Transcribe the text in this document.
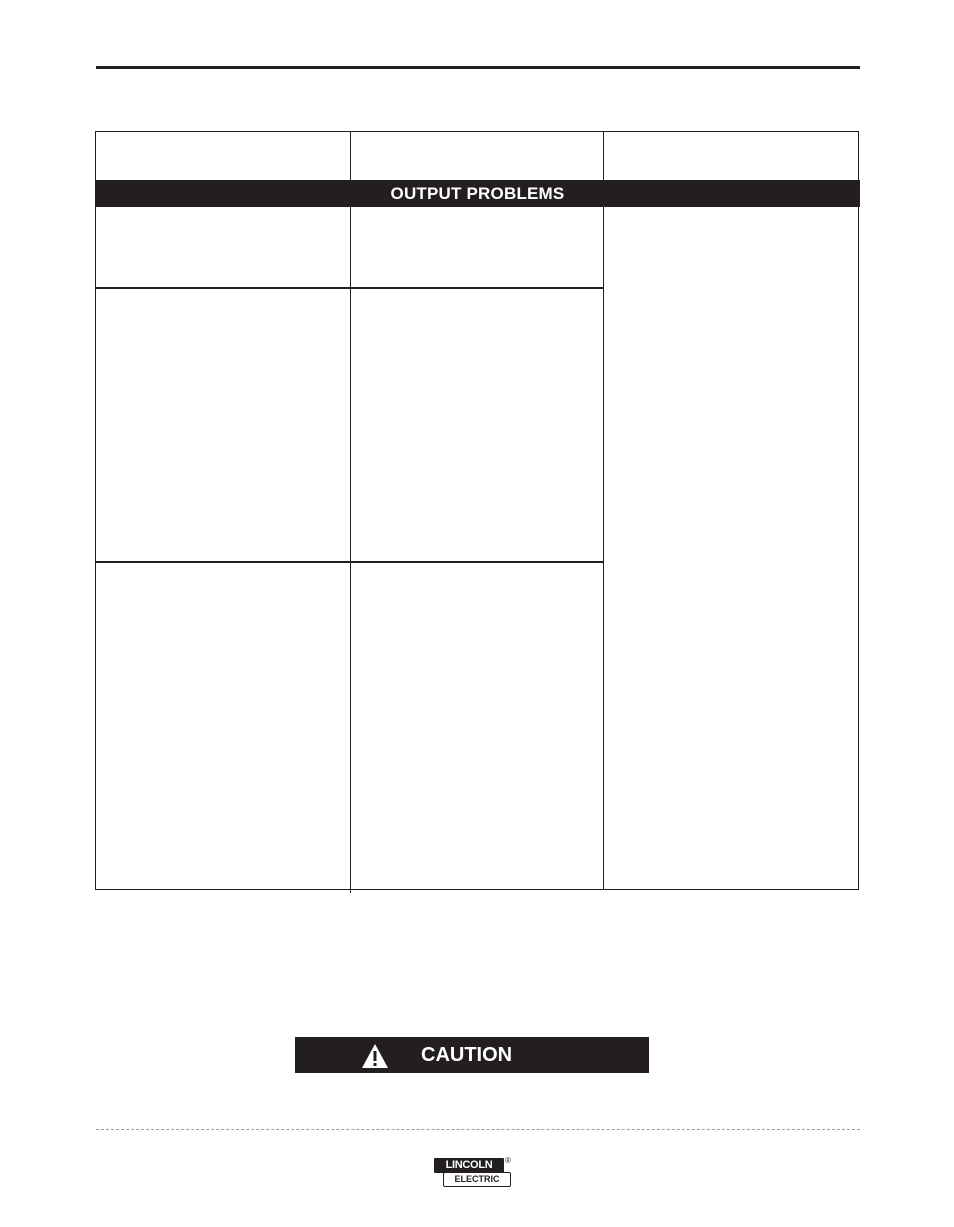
OUTPUT PROBLEMS
CAUTION
LINCOLN	®
ELECTRIC
